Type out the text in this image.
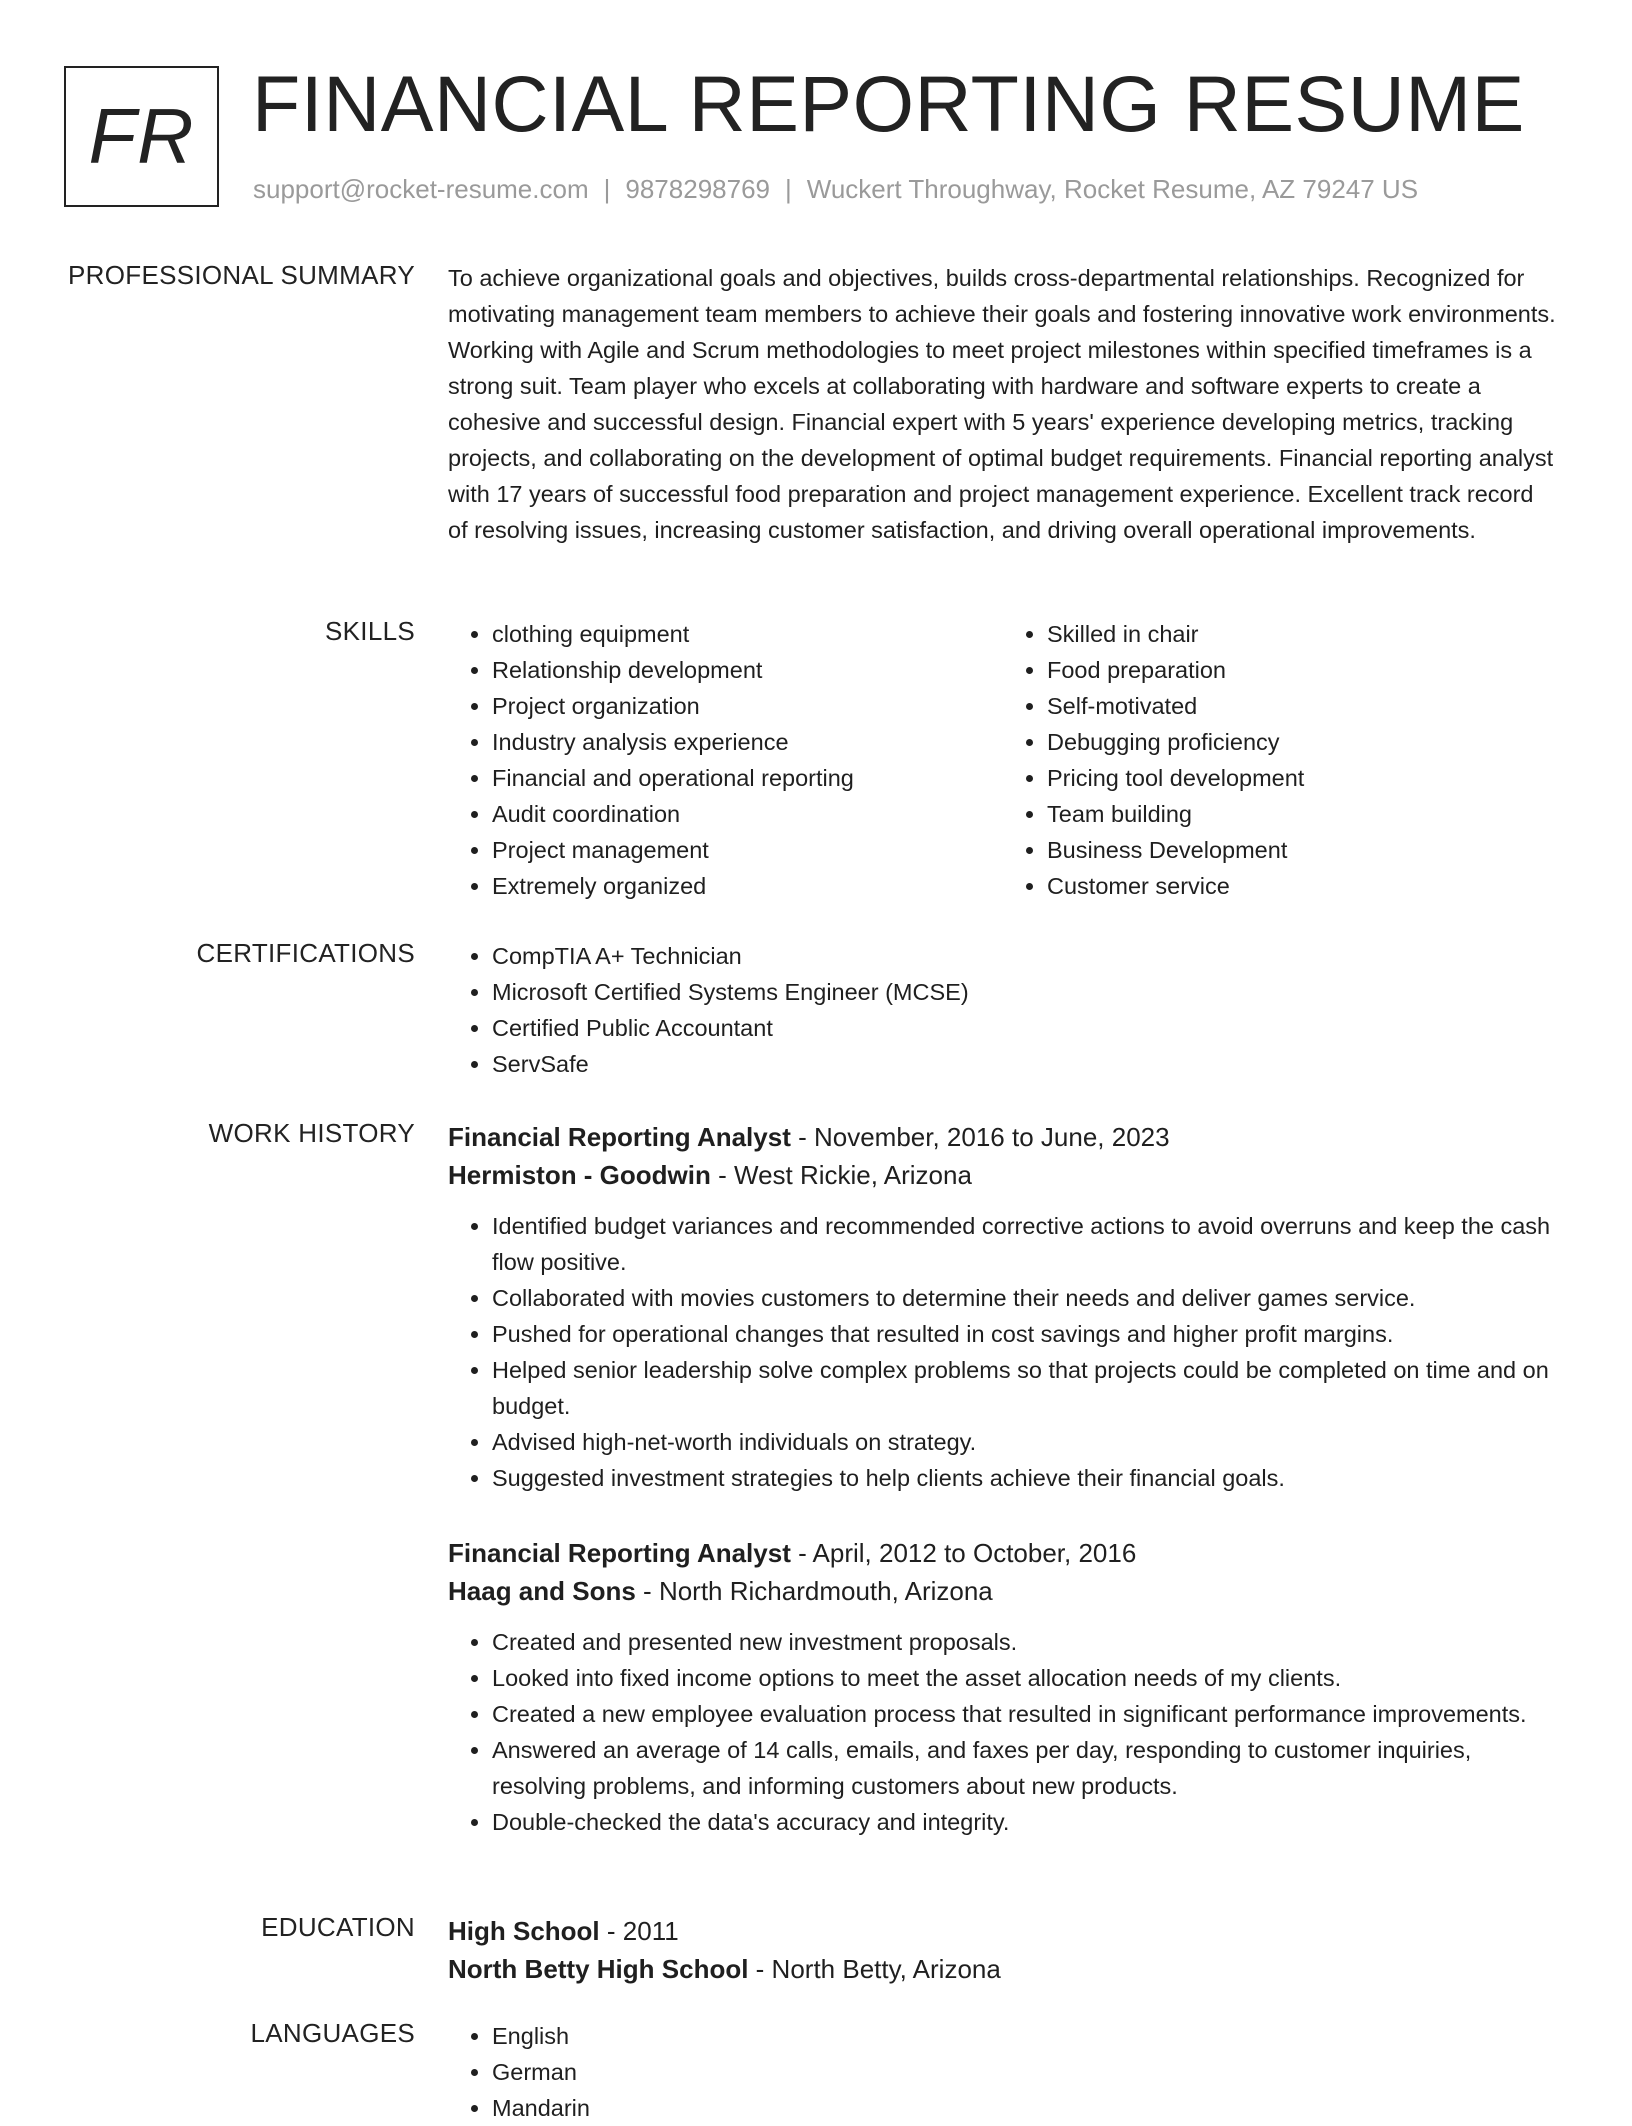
FR FINANCIAL REPORTING RESUME
support@rocket-resume.com | 9878298769 | Wuckert Throughway, Rocket Resume, AZ 79247 US
PROFESSIONAL SUMMARY To achieve organizational goals and objectives, builds cross-departmental relationships. Recognized for motivating management team members to achieve their goals and fostering innovative work environments. Working with Agile and Scrum methodologies to meet project milestones within specified timeframes is a strong suit. Team player who excels at collaborating with hardware and software experts to create a cohesive and successful design. Financial expert with 5 years' experience developing metrics, tracking projects, and collaborating on the development of optimal budget requirements. Financial reporting analyst with 17 years of successful food preparation and project management experience. Excellent track record of resolving issues, increasing customer satisfaction, and driving overall operational improvements.
SKILLS	• clothing equipment
• Relationship development
• Project organization
• Industry analysis experience
• Financial and operational reporting
• Audit coordination
• Project management
• Extremely organized
• Skilled in chair
• Food preparation
• Self-motivated
• Debugging proficiency
• Pricing tool development
• Team building
• Business Development
• Customer service
CERTIFICATIONS	• CompTIA A+ Technician
• Microsoft Certified Systems Engineer (MCSE)
• Certified Public Accountant
• ServSafe
WORK HISTORY Financial Reporting Analyst - November, 2016 to June, 2023
Hermiston - Goodwin - West Rickie, Arizona
• Identified budget variances and recommended corrective actions to avoid overruns and keep the cash flow positive.
• Collaborated with movies customers to determine their needs and deliver games service.
• Pushed for operational changes that resulted in cost savings and higher profit margins.
• Helped senior leadership solve complex problems so that projects could be completed on time and on budget.
• Advised high-net-worth individuals on strategy.
• Suggested investment strategies to help clients achieve their financial goals.
Financial Reporting Analyst - April, 2012 to October, 2016
Haag and Sons - North Richardmouth, Arizona
• Created and presented new investment proposals.
• Looked into fixed income options to meet the asset allocation needs of my clients.
• Created a new employee evaluation process that resulted in significant performance improvements.
• Answered an average of 14 calls, emails, and faxes per day, responding to customer inquiries, resolving problems, and informing customers about new products.
• Double-checked the data's accuracy and integrity.
EDUCATION High School - 2011
North Betty High School - North Betty, Arizona
LANGUAGES	• English
• German
• Mandarin
